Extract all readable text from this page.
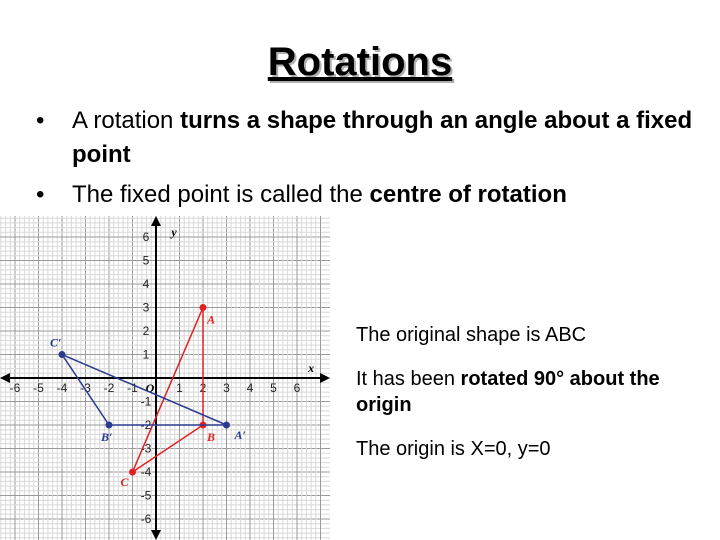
Rotations
•	A rotation turns a shape through an angle about a fixed point
•	The fixed point is called the centre of rotation
y
x
O
-6 -5 -4 -3 -2 -1	1 2 3 4 5 6
6
5
4
3
2
1
-1
-2
-3
-4
-5
-6
A
B
C
A′
B′
C′	The original shape is ABC
It has been rotated 90° about the origin
The origin is X=0, y=0
